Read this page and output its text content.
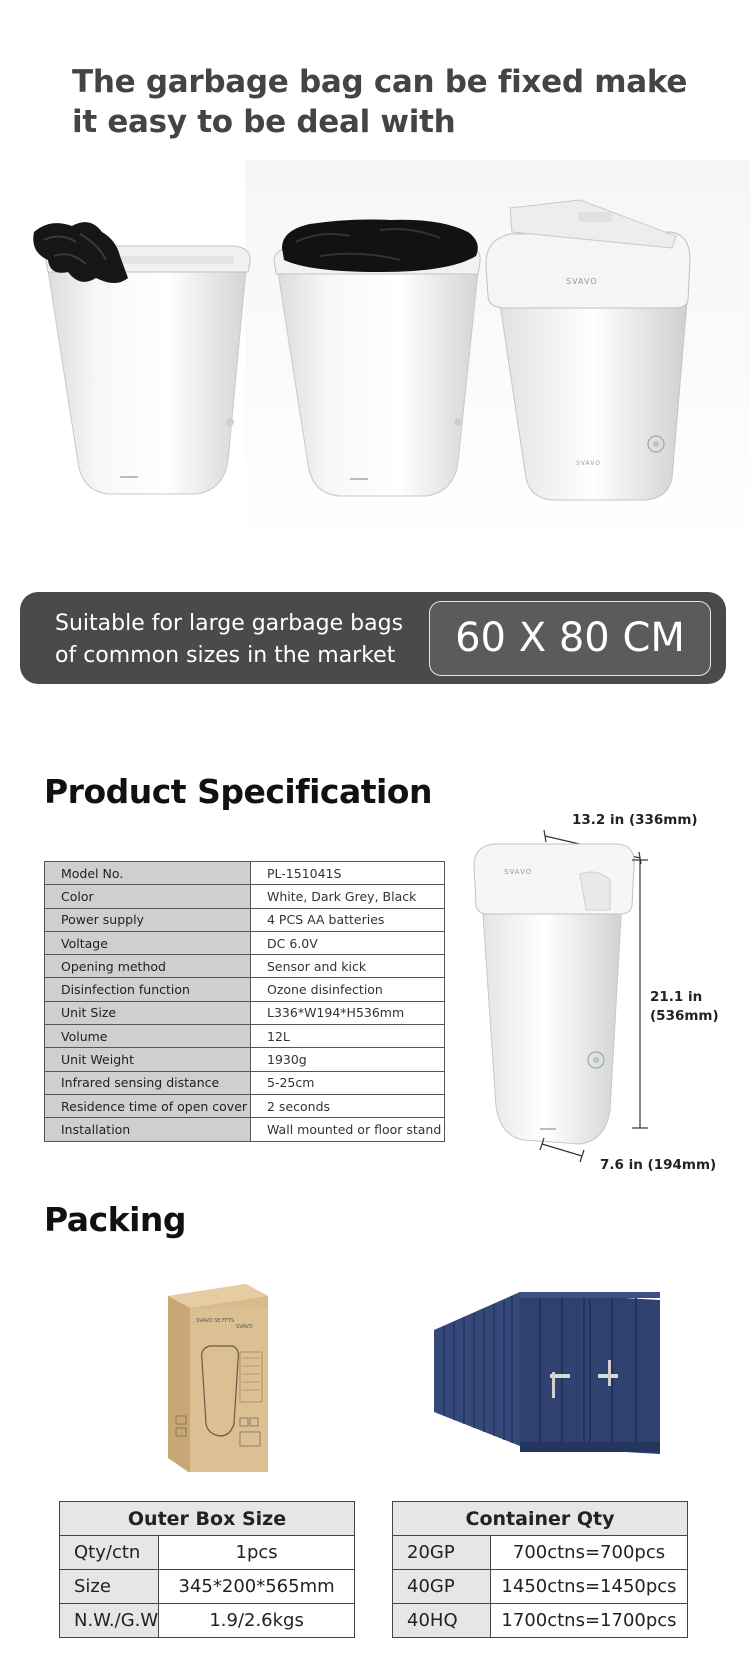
The garbage bag can be fixed make it easy to be deal with
SVAVO
SVAVO
Suitable for large garbage bags
of common sizes in the market	60 X 80 CM
Product Specification
Model No.	PL-151041S
Color	White, Dark Grey, Black
Power supply	4 PCS AA batteries
Voltage	DC 6.0V
Opening method	Sensor and kick
Disinfection function	Ozone disinfection
Unit Size	L336*W194*H536mm
Volume	12L
Unit Weight	1930g
Infrared sensing distance	5-25cm
Residence time of open cover	2 seconds
Installation	Wall mounted or floor stand
SVAVO
13.2 in (336mm)
21.1 in
(536mm)
7.6 in (194mm)
Packing
SVAVO SE FFTS
SVAVO
Outer Box Size	
Qty/ctn	1pcs
Size	345*200*565mm
N.W./G.W	1.9/2.6kgs
Container Qty	
20GP	700ctns=700pcs
40GP	1450ctns=1450pcs
40HQ	1700ctns=1700pcs
